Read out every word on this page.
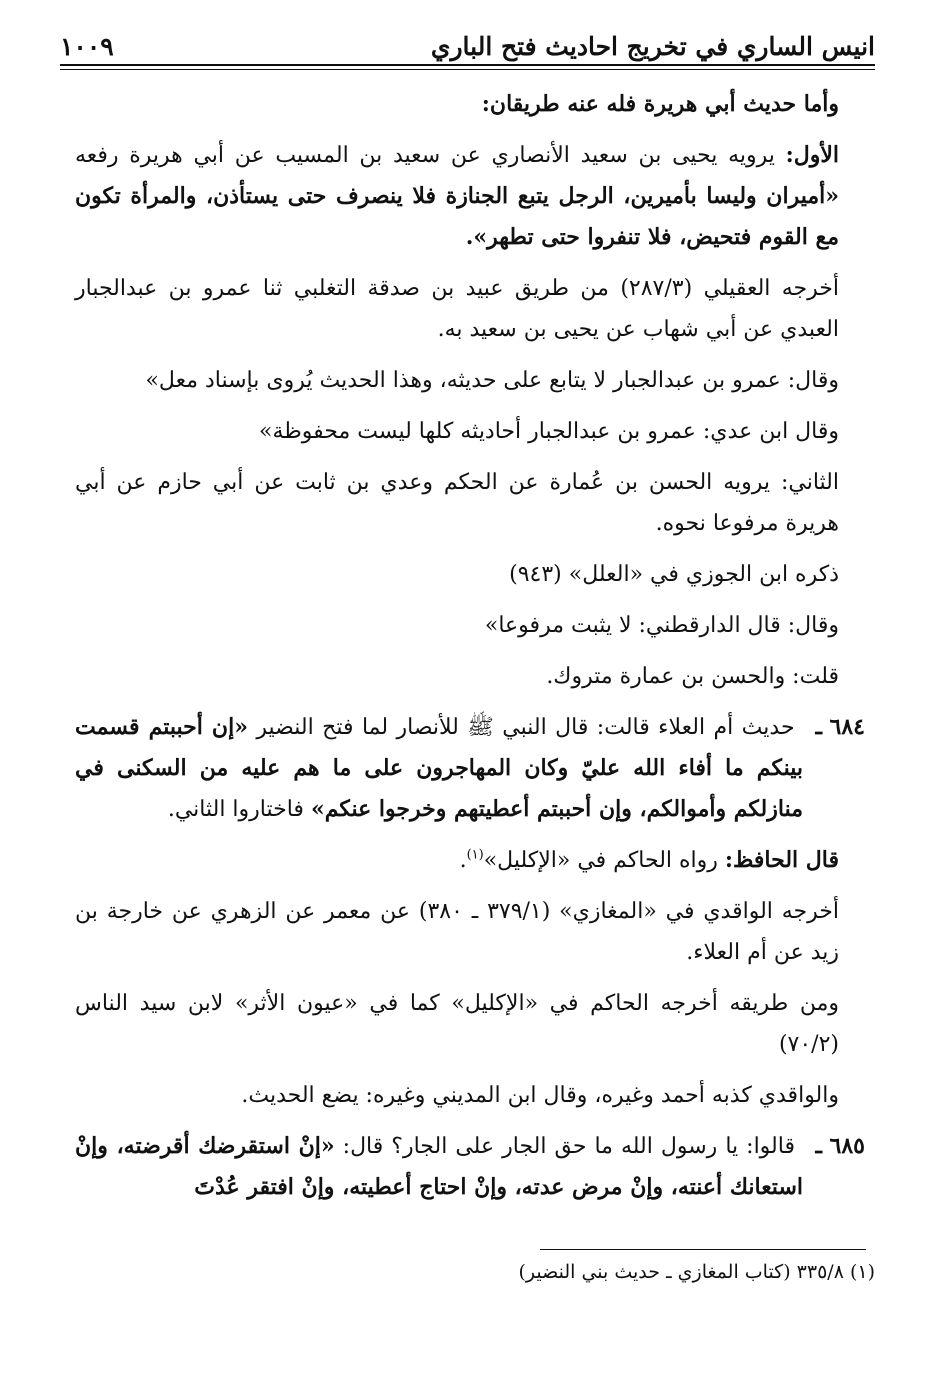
انيس الساري في تخريج احاديث فتح الباري
١٠٠٩

وأما حديث أبي هريرة فله عنه طريقان:

الأول: يرويه يحيى بن سعيد الأنصاري عن سعيد بن المسيب عن أبي هريرة رفعه «أميران وليسا بأميرين، الرجل يتبع الجنازة فلا ينصرف حتى يستأذن، والمرأة تكون مع القوم فتحيض، فلا تنفروا حتى تطهر».

أخرجه العقيلي (٢٨٧/٣) من طريق عبيد بن صدقة التغلبي ثنا عمرو بن عبدالجبار العبدي عن أبي شهاب عن يحيى بن سعيد به.

وقال: عمرو بن عبدالجبار لا يتابع على حديثه، وهذا الحديث يُروى بإسناد معل»

وقال ابن عدي: عمرو بن عبدالجبار أحاديثه كلها ليست محفوظة»

الثاني: يرويه الحسن بن عُمارة عن الحكم وعدي بن ثابت عن أبي حازم عن أبي هريرة مرفوعا نحوه.

ذكره ابن الجوزي في «العلل» (٩٤٣)

وقال: قال الدارقطني: لا يثبت مرفوعا»

قلت: والحسن بن عمارة متروك.

٦٨٤ ـ حديث أم العلاء قالت: قال النبي ﷺ للأنصار لما فتح النضير «إن أحببتم قسمت بينكم ما أفاء الله عليّ وكان المهاجرون على ما هم عليه من السكنى في منازلكم وأموالكم، وإن أحببتم أعطيتهم وخرجوا عنكم» فاختاروا الثاني.

قال الحافظ: رواه الحاكم في «الإكليل»$^{(١)}$.

أخرجه الواقدي في «المغازي» (٣٧٩/١ ـ ٣٨٠) عن معمر عن الزهري عن خارجة بن زيد عن أم العلاء.

ومن طريقه أخرجه الحاكم في «الإكليل» كما في «عيون الأثر» لابن سيد الناس (٧٠/٢)

والواقدي كذبه أحمد وغيره، وقال ابن المديني وغيره: يضع الحديث.

٦٨٥ ـ قالوا: يا رسول الله ما حق الجار على الجار؟ قال: «إنْ استقرضك أقرضته، وإنْ استعانك أعنته، وإنْ مرض عدته، وإنْ احتاج أعطيته، وإنْ افتقر عُدْتَ

(١) ٣٣٥/٨ (كتاب المغازي ـ حديث بني النضير)
